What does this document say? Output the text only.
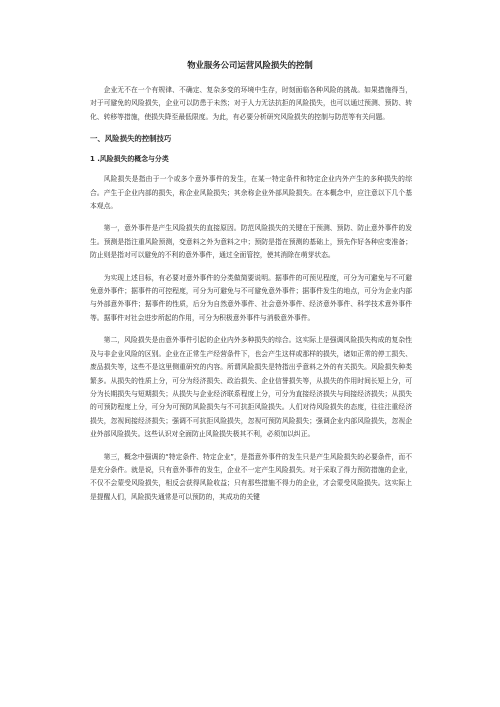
物业服务公司运营风险损失的控制

企业无不在一个有规律、不确定、复杂多变的环境中生存，时刻面临各种风险的挑战。如果措施得当，对于可避免的风险损失，企业可以防患于未然；对于人力无法抗拒的风险损失，也可以通过预测、预防、转化、转移等措施，使损失降至最低限度。为此，有必要分析研究风险损失的控制与防范等有关问题。

一、风险损失的控制技巧
1 .风险损失的概念与分类

风险损失是指由于一个或多个意外事件的发生，在某一特定条件和特定企业内外产生的多种损失的综合。产生于企业内部的损失，称企业风险损失；其余称企业外部风险损失。在本概念中，应注意以下几个基本观点。

第一，意外事件是产生风险损失的直接原因。防范风险损失的关键在于预测、预防、防止意外事件的发生。预测是指注重风险预测，变意料之外为意料之中；预防是指在预测的基础上，预先作好各种应变准备；防止则是指对可以避免的不利的意外事件，通过全面管控，使其消除在萌芽状态。

为实现上述目标，有必要对意外事件的分类做简要说明。据事件的可预见程度，可分为可避免与不可避免意外事件；据事件的可控程度，可分为可避免与不可避免意外事件；据事件发生的地点，可分为企业内部与外部意外事件；据事件的性质，后分为自然意外事件、社会意外事件、经济意外事件、科学技术意外事件等。据事件对社会进步所起的作用，可分为积极意外事件与消极意外事件。

第二，风险损失是由意外事件引起的企业内外多种损失的综合。这实际上是强调风险损失构成的复杂性及与非企业风险的区别。企业在正常生产经营条件下，也会产生这样或那样的损失，诸如正常的停工损失、废品损失等，这些不是这里侧重研究的内容。所谓风险损失是特指出乎意料之外的有关损失。风险损失种类繁多。从损失的性质上分，可分为经济损失、政治损失、企业信誉损失等，从损失的作用时间长短上分，可分为长期损失与短期损失；从损失与企业经济联系程度上分，可分为直接经济损失与间接经济损失；从损失的可预防程度上分，可分为可预防风险损失与不可抗拒风险损失。人们对待风险损失的态度，往往注重经济损失，忽视间接经济损失；强调不可抗拒风险损失，忽视可预防风险损失；强调企业内部风险损失，忽视企业外部风险损失。这些认识对全面防止风险损失极其不利，必须加以纠正。

第三，概念中强调的“特定条件、特定企业”，是指意外事件的发生只是产生风险损失的必要条件，而不是充分条件。就是说，只有意外事件的发生，企业不一定产生风险损失。对于采取了得力预防措施的企业，不仅不会蒙受风险损失，相反会获得风险收益；只有那些措施不得力的企业，才会蒙受风险损失。这实际上是提醒人们，风险损失通常是可以预防的，其成功的关键
